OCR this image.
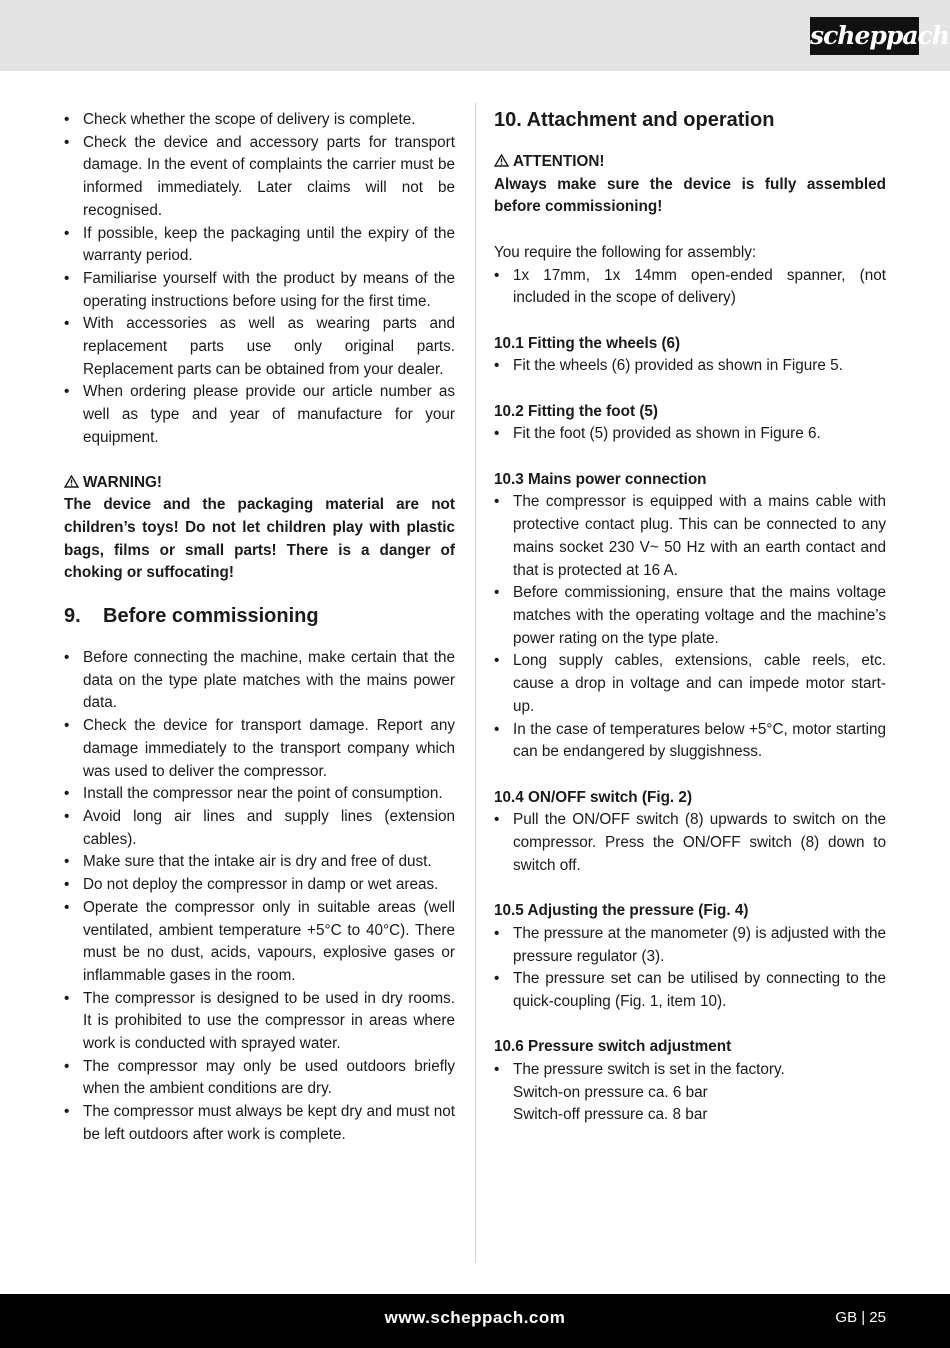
scheppach
• Check whether the scope of delivery is complete.
• Check the device and accessory parts for transport damage. In the event of complaints the carrier must be informed immediately. Later claims will not be recognised.
• If possible, keep the packaging until the expiry of the warranty period.
• Familiarise yourself with the product by means of the operating instructions before using for the first time.
• With accessories as well as wearing parts and replacement parts use only original parts. Replacement parts can be obtained from your dealer.
• When ordering please provide our article number as well as type and year of manufacture for your equipment.

WARNING!

The device and the packaging material are not children’s toys! Do not let children play with plastic bags, films or small parts! There is a danger of choking or suffocating!

9. Before commissioning
• Before connecting the machine, make certain that the data on the type plate matches with the mains power data.
• Check the device for transport damage. Report any damage immediately to the transport company which was used to deliver the compressor.
• Install the compressor near the point of consumption.
• Avoid long air lines and supply lines (extension cables).
• Make sure that the intake air is dry and free of dust.
• Do not deploy the compressor in damp or wet areas.
• Operate the compressor only in suitable areas (well ventilated, ambient temperature +5°C to 40°C). There must be no dust, acids, vapours, explosive gases or inflammable gases in the room.
• The compressor is designed to be used in dry rooms. It is prohibited to use the compressor in areas where work is conducted with sprayed water.
• The compressor may only be used outdoors briefly when the ambient conditions are dry.
• The compressor must always be kept dry and must not be left outdoors after work is complete.
10. Attachment and operation

ATTENTION!

Always make sure the device is fully assembled before commissioning!

You require the following for assembly:

• 1x 17mm, 1x 14mm open-ended spanner, (not included in the scope of delivery)

10.1 Fitting the wheels (6)

• Fit the wheels (6) provided as shown in Figure 5.

10.2 Fitting the foot (5)

• Fit the foot (5) provided as shown in Figure 6.

10.3 Mains power connection

• The compressor is equipped with a mains cable with protective contact plug. This can be connected to any mains socket 230 V~ 50 Hz with an earth contact and that is protected at 16 A.
• Before commissioning, ensure that the mains voltage matches with the operating voltage and the machine’s power rating on the type plate.
• Long supply cables, extensions, cable reels, etc. cause a drop in voltage and can impede motor start-up.
• In the case of temperatures below +5°C, motor starting can be endangered by sluggishness.

10.4 ON/OFF switch (Fig. 2)

• Pull the ON/OFF switch (8) upwards to switch on the compressor. Press the ON/OFF switch (8) down to switch off.

10.5 Adjusting the pressure (Fig. 4)

• The pressure at the manometer (9) is adjusted with the pressure regulator (3).
• The pressure set can be utilised by connecting to the quick-coupling (Fig. 1, item 10).

10.6 Pressure switch adjustment

• The pressure switch is set in the factory.
Switch-on pressure ca. 6 bar
Switch-off pressure ca. 8 bar
www.scheppach.com	GB | 25
